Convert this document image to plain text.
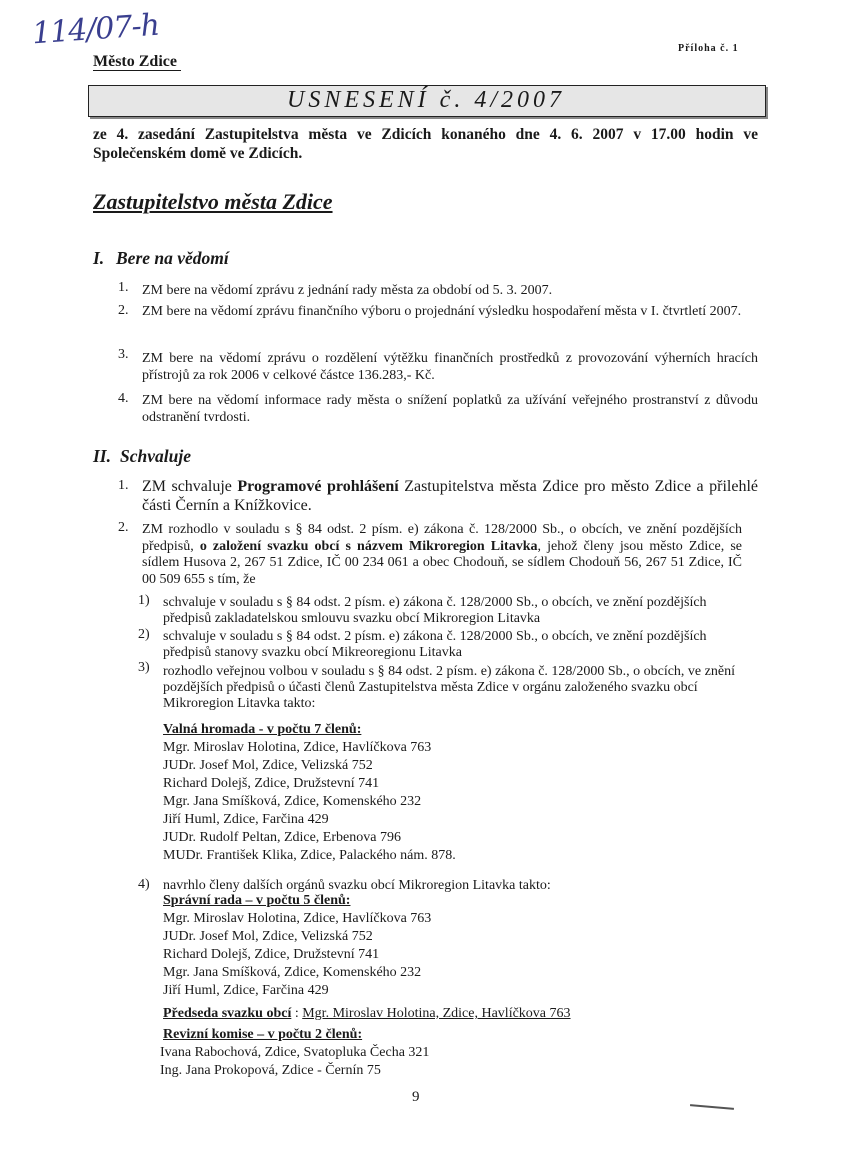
114/07-h
Město Zdice
Příloha č. 1
USNESENÍ č. 4/2007
ze 4. zasedání Zastupitelstva města ve Zdicích konaného dne 4. 6. 2007 v 17.00 hodin ve Společenském domě ve Zdicích.
Zastupitelstvo města Zdice
I. Bere na vědomí
1. ZM bere na vědomí zprávu z jednání rady města za období od 5. 3. 2007.
2. ZM bere na vědomí zprávu finančního výboru o projednání výsledku hospodaření města v I. čtvrtletí 2007.
3. ZM bere na vědomí zprávu o rozdělení výtěžku finančních prostředků z provozování výherních hracích přístrojů za rok 2006 v celkové částce 136.283,- Kč.
4. ZM bere na vědomí informace rady města o snížení poplatků za užívání veřejného prostranství z důvodu odstranění tvrdosti.
II. Schvaluje
1. ZM schvaluje Programové prohlášení Zastupitelstva města Zdice pro město Zdice a přilehlé části Černín a Knížkovice.
2. ZM rozhodlo v souladu s § 84 odst. 2 písm. e) zákona č. 128/2000 Sb., o obcích, ve znění pozdějších předpisů, o založení svazku obcí s názvem Mikroregion Litavka, jehož členy jsou město Zdice, se sídlem Husova 2, 267 51 Zdice, IČ 00 234 061 a obec Chodouň, se sídlem Chodouň 56, 267 51 Zdice, IČ 00 509 655 s tím, že
1) schvaluje v souladu s § 84 odst. 2 písm. e) zákona č. 128/2000 Sb., o obcích, ve znění pozdějších předpisů zakladatelskou smlouvu svazku obcí Mikroregion Litavka
2) schvaluje v souladu s § 84 odst. 2 písm. e) zákona č. 128/2000 Sb., o obcích, ve znění pozdějších předpisů stanovy svazku obcí Mikreoregionu Litavka
3) rozhodlo veřejnou volbou v souladu s § 84 odst. 2 písm. e) zákona č. 128/2000 Sb., o obcích, ve znění pozdějších předpisů o účasti členů Zastupitelstva města Zdice v orgánu založeného svazku obcí Mikroregion Litavka takto:
Valná hromada - v počtu 7 členů:
Mgr. Miroslav Holotina, Zdice, Havlíčkova 763
JUDr. Josef Mol, Zdice, Velizská 752
Richard Dolejš, Zdice, Družstevní 741
Mgr. Jana Smíšková, Zdice, Komenského 232
Jiří Huml, Zdice, Farčina 429
JUDr. Rudolf Peltan, Zdice, Erbenova 796
MUDr. František Klika, Zdice, Palackého nám. 878.
4) navrhlo členy dalších orgánů svazku obcí Mikroregion Litavka takto:
Správní rada – v počtu 5 členů:
Mgr. Miroslav Holotina, Zdice, Havlíčkova 763
JUDr. Josef Mol, Zdice, Velizská 752
Richard Dolejš, Zdice, Družstevní 741
Mgr. Jana Smíšková, Zdice, Komenského 232
Jiří Huml, Zdice, Farčina 429
Předseda svazku obcí : Mgr. Miroslav Holotina, Zdice, Havlíčkova 763
Revizní komise – v počtu 2 členů:
Ivana Rabochová, Zdice, Svatopluka Čecha 321
Ing. Jana Prokopová, Zdice - Černín 75
9
